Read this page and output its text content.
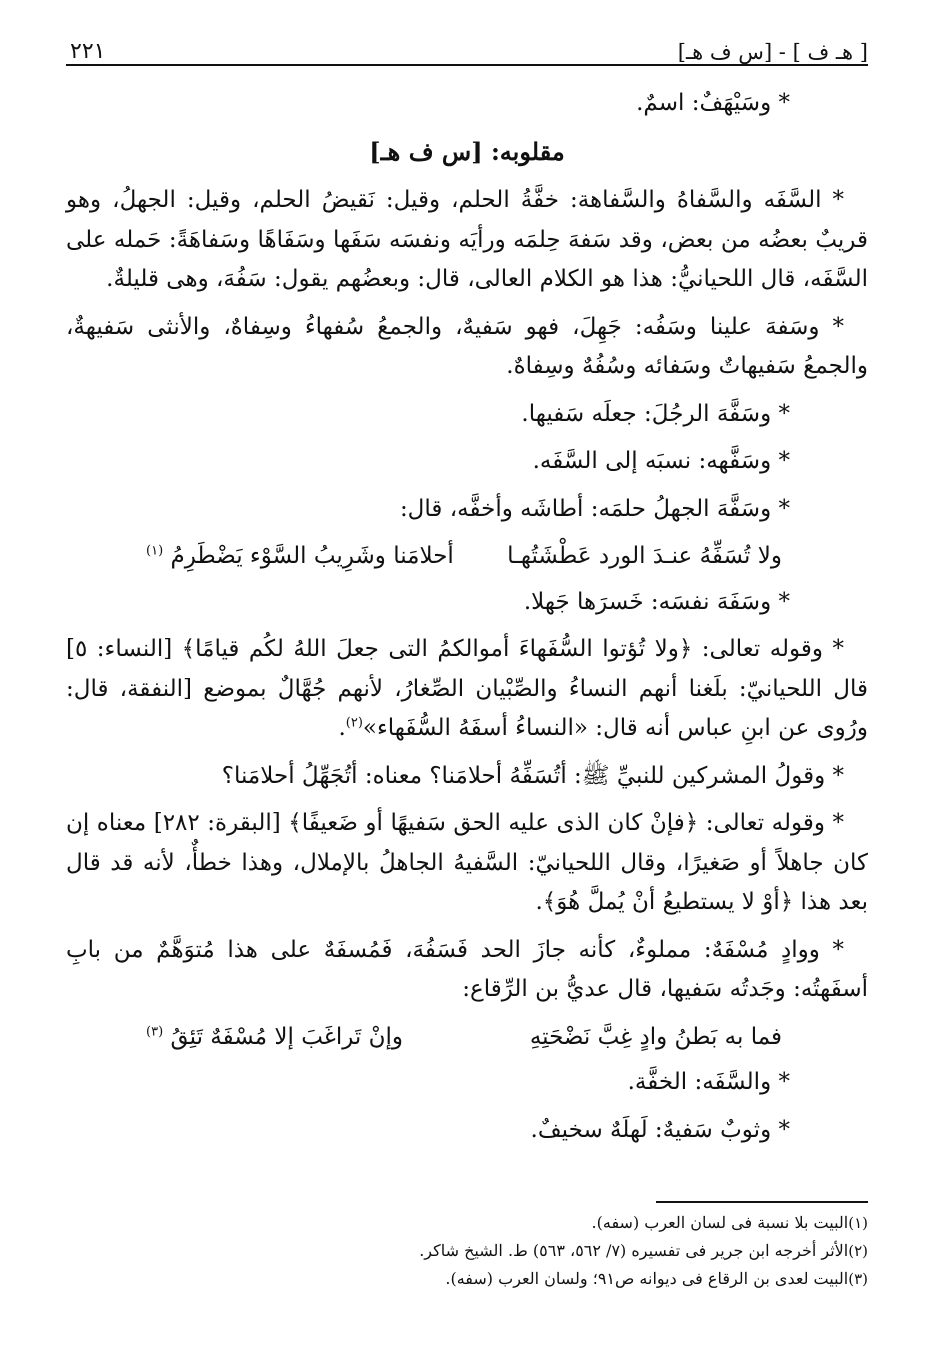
[ هـ ف ] - [س ف هـ]
٢٢١

* وسَيْهَفٌ: اسمٌ.

مقلوبه: [س ف هـ]

* السَّفَه والسَّفاهُ والسَّفاهة: خفَّةُ الحلم، وقيل: نَقيضُ الحلم، وقيل: الجهلُ، وهو قريبٌ بعضُه من بعض، وقد سَفهَ حِلمَه ورأيَه ونفسَه سَفَها وسَفَاهًا وسَفاهَةً: حَمله على السَّفَه، قال اللحيانيُّ: هذا هو الكلام العالى، قال: وبعضُهم يقول: سَفُهَ، وهى قليلةٌ.

* وسَفهَ علينا وسَفُه: جَهِلَ، فهو سَفيهٌ، والجمعُ سُفهاءُ وسِفاهٌ، والأنثى سَفيهةٌ، والجمعُ سَفيهاتٌ وسَفائه وسُفُهٌ وسِفاهٌ.

* وسَفَّهَ الرجُلَ: جعلَه سَفيها.

* وسَفَّهه: نسبَه إلى السَّفَه.

* وسَفَّهَ الجهلُ حلمَه: أطاشَه وأخفَّه، قال:

ولا تُسَفِّهُ عنـدَ الورد عَطْشَتُهـا
أحلامَنا وشَرِيبُ السَّوْء يَضْطَرِمُ $^{(١)}$

* وسَفَهَ نفسَه: خَسرَها جَهلا.

* وقوله تعالى: ﴿ولا تُؤتوا السُّفَهاءَ أموالكمُ التى جعلَ اللهُ لكُم قيامًا﴾ [النساء: ٥] قال اللحيانيّ: بلَغنا أنهم النساءُ والصِّبْيان الصِّغارُ، لأنهم جُهَّالٌ بموضع [النفقة، قال: ورُوى عن ابنِ عباس أنه قال: «النساءُ أسفَهُ السُّفَهاء»$^{(٢)}$.

* وقولُ المشركين للنبيِّ ﷺ: أتُسَفِّهُ أحلامَنا؟ معناه: أتُجَهِّلُ أحلامَنا؟

* وقوله تعالى: ﴿فإنْ كان الذى عليه الحق سَفيهًا أو ضَعيفًا﴾ [البقرة: ٢٨٢] معناه إن كان جاهلاً أو صَغيرًا، وقال اللحيانيّ: السَّفيهُ الجاهلُ بالإملال، وهذا خطأٌ، لأنه قد قال بعد هذا ﴿أوْ لا يستطيعُ أنْ يُملَّ هُوَ﴾.

* ووادٍ مُسْفَهٌ: مملوءٌ، كأنه جازَ الحد فَسَفُهَ، فَمُسفَهٌ على هذا مُتوَهَّمٌ من بابِ أسفَهتُه: وجَدتُه سَفيها، قال عديُّ بن الرِّقاع:

فما به بَطنُ وادٍ غِبَّ نَضْحَتِهِ
وإنْ تَراغَبَ إلا مُسْفَهٌ تَئِقُ $^{(٣)}$

* والسَّفَه: الخفَّة.

* وثوبٌ سَفيهٌ: لَهلَهٌ سخيفٌ.

(١)البيت بلا نسبة فى لسان العرب (سفه).

(٢)الأثر أخرجه ابن جرير فى تفسيره (٧/ ٥٦٢، ٥٦٣) ط. الشيخ شاكر.

(٣)البيت لعدى بن الرقاع فى ديوانه ص٩١؛ ولسان العرب (سفه).
